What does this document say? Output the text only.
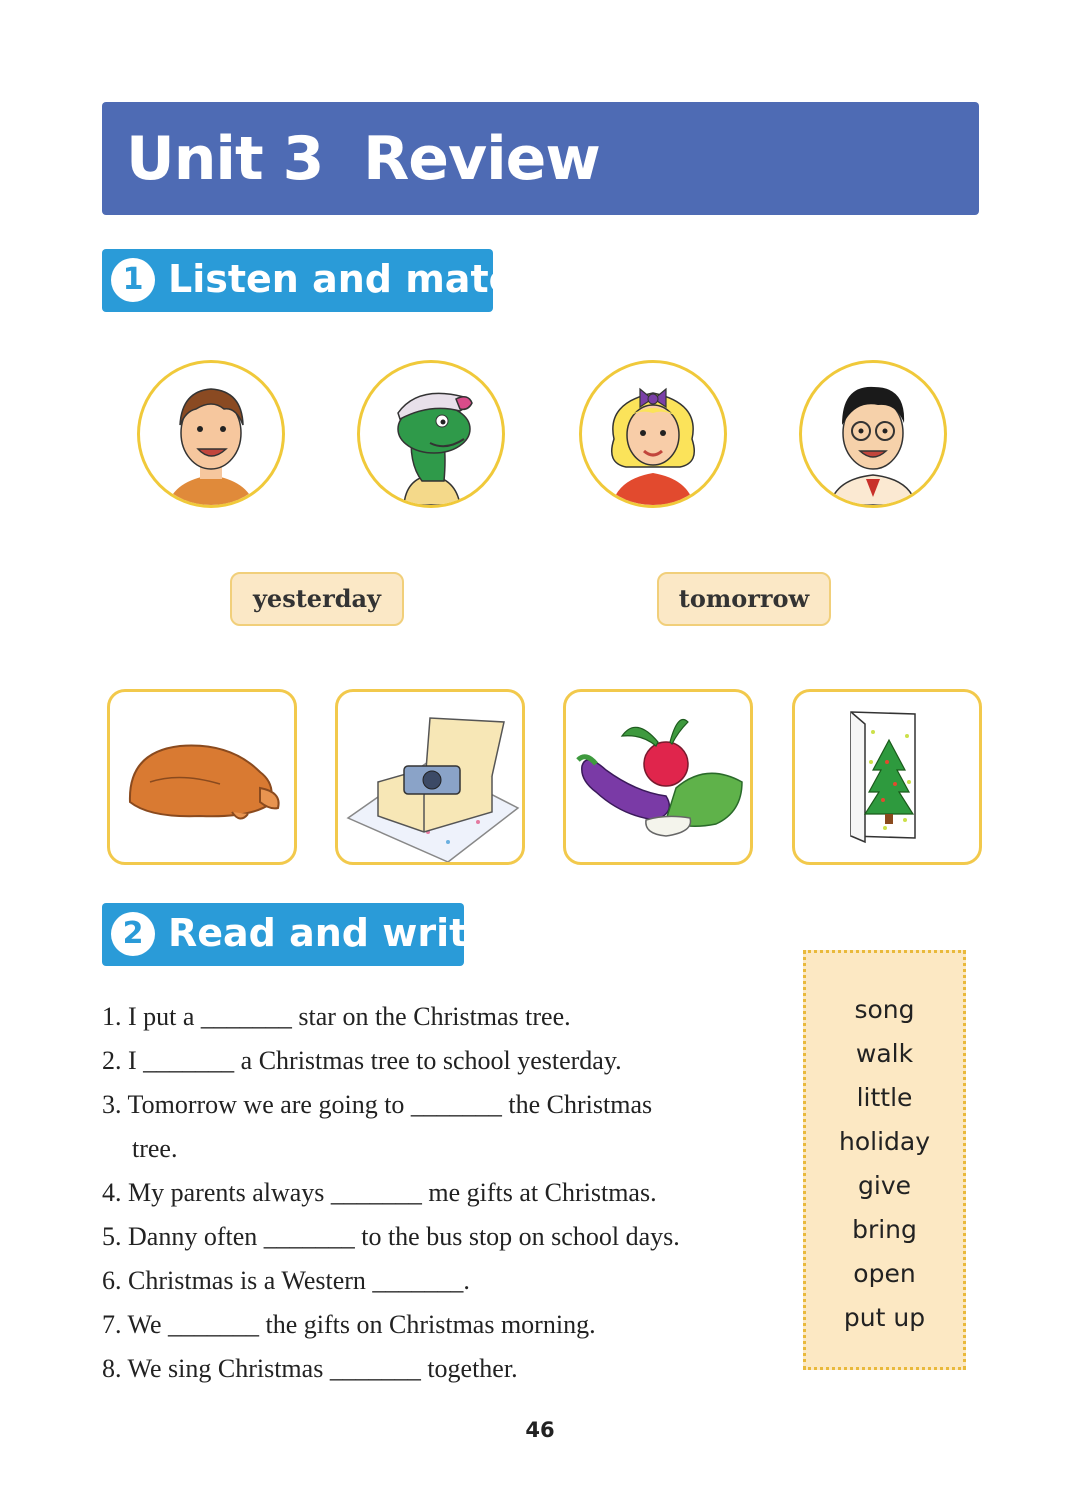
Unit 3  Review
1 Listen and match
yesterday	tomorrow
2 Read and write
1. I put a _______ star on the Christmas tree.
2. I _______ a Christmas tree to school yesterday.
3. Tomorrow we are going to _______ the Christmas
tree.
4. My parents always _______ me gifts at Christmas.
5. Danny often _______ to the bus stop on school days.
6. Christmas is a Western _______.
7. We _______ the gifts on Christmas morning.
8. We sing Christmas _______ together.
song
walk
little
holiday
give
bring
open
put up
46
